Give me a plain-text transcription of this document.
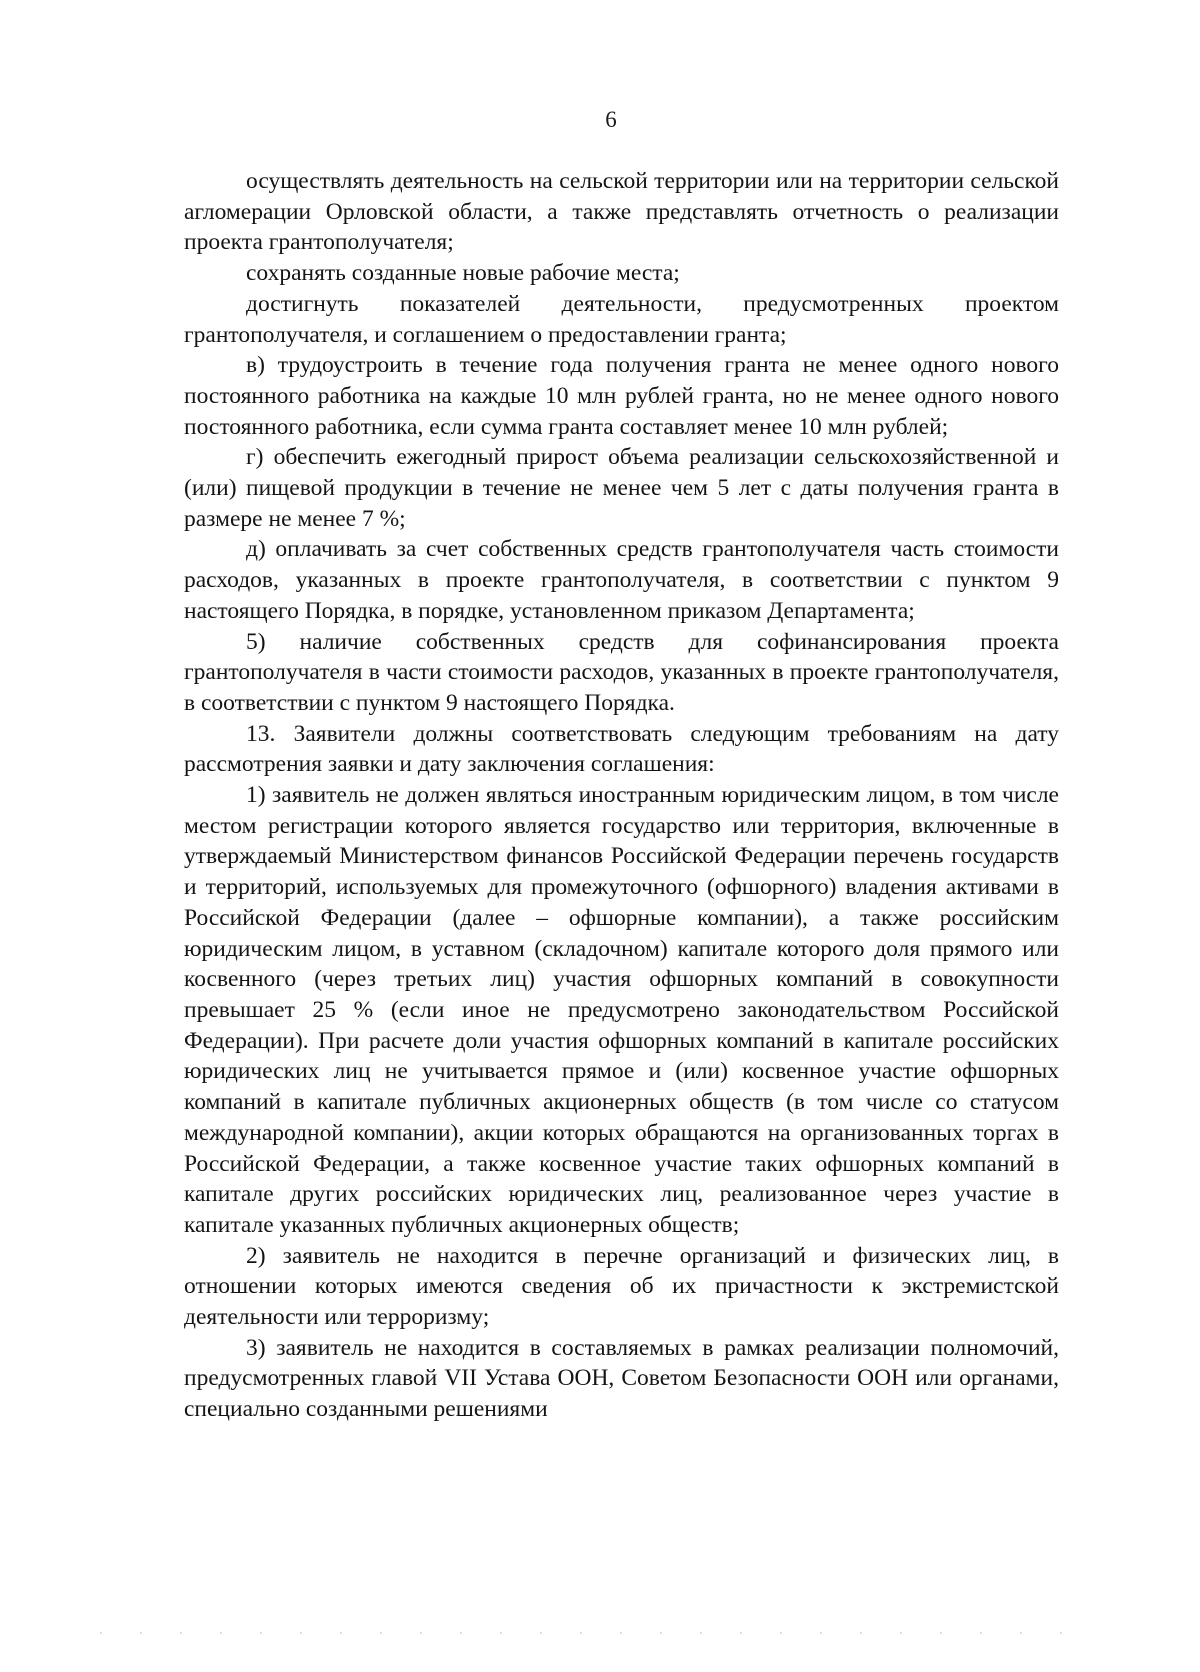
6

осуществлять деятельность на сельской территории или на территории сельской агломерации Орловской области, а также представлять отчетность о реализации проекта грантополучателя;

сохранять созданные новые рабочие места;

достигнуть показателей деятельности, предусмотренных проектом грантополучателя, и соглашением о предоставлении гранта;

в) трудоустроить в течение года получения гранта не менее одного нового постоянного работника на каждые 10 млн рублей гранта, но не менее одного нового постоянного работника, если сумма гранта составляет менее 10 млн рублей;

г) обеспечить ежегодный прирост объема реализации сельскохозяйственной и (или) пищевой продукции в течение не менее чем 5 лет с даты получения гранта в размере не менее 7 %;

д) оплачивать за счет собственных средств грантополучателя часть стоимости расходов, указанных в проекте грантополучателя, в соответствии с пунктом 9 настоящего Порядка, в порядке, установленном приказом Департамента;

5) наличие собственных средств для софинансирования проекта грантополучателя в части стоимости расходов, указанных в проекте грантополучателя, в соответствии с пунктом 9 настоящего Порядка.

13. Заявители должны соответствовать следующим требованиям на дату рассмотрения заявки и дату заключения соглашения:

1) заявитель не должен являться иностранным юридическим лицом, в том числе местом регистрации которого является государство или территория, включенные в утверждаемый Министерством финансов Российской Федерации перечень государств и территорий, используемых для промежуточного (офшорного) владения активами в Российской Федерации (далее – офшорные компании), а также российским юридическим лицом, в уставном (складочном) капитале которого доля прямого или косвенного (через третьих лиц) участия офшорных компаний в совокупности превышает 25 % (если иное не предусмотрено законодательством Российской Федерации). При расчете доли участия офшорных компаний в капитале российских юридических лиц не учитывается прямое и (или) косвенное участие офшорных компаний в капитале публичных акционерных обществ (в том числе со статусом международной компании), акции которых обращаются на организованных торгах в Российской Федерации, а также косвенное участие таких офшорных компаний в капитале других российских юридических лиц, реализованное через участие в капитале указанных публичных акционерных обществ;

2) заявитель не находится в перечне организаций и физических лиц, в отношении которых имеются сведения об их причастности к экстремистской деятельности или терроризму;

3) заявитель не находится в составляемых в рамках реализации полномочий, предусмотренных главой VII Устава ООН, Советом Безопасности ООН или органами, специально созданными решениями
